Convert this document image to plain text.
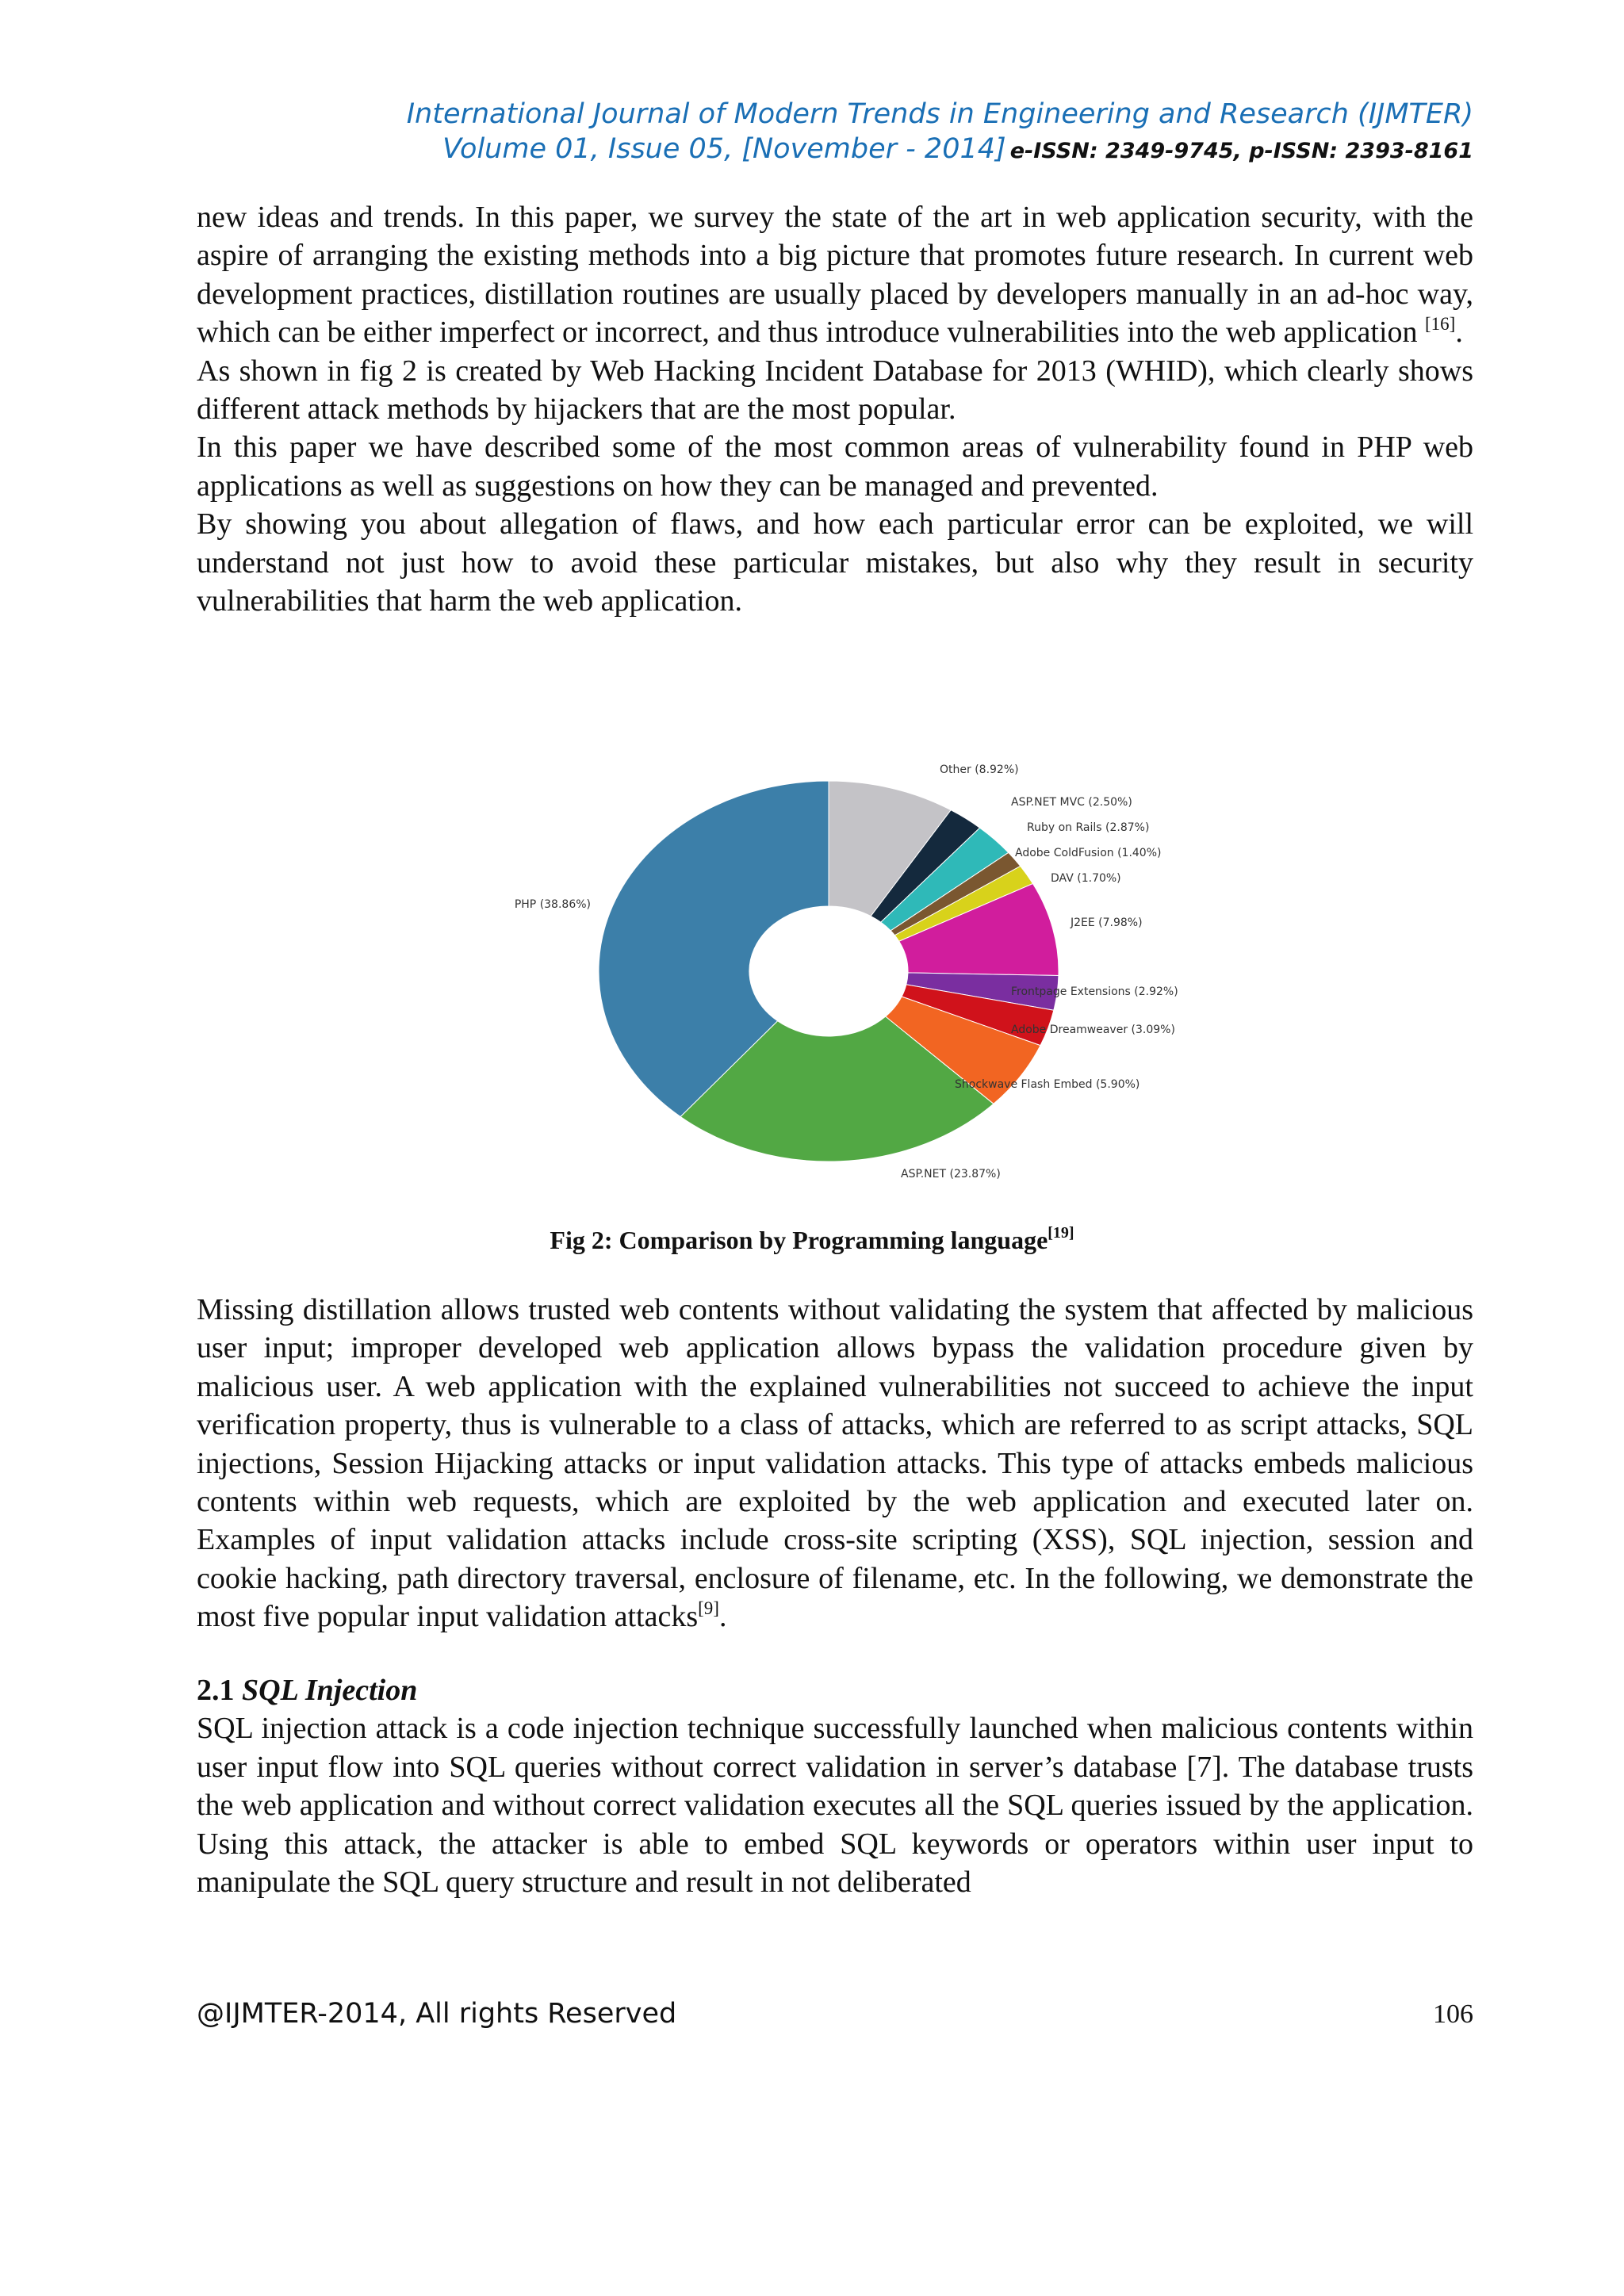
International Journal of Modern Trends in Engineering and Research (IJMTER)
Volume 01, Issue 05, [November - 2014] e-ISSN: 2349-9745, p-ISSN: 2393-8161

new ideas and trends. In this paper, we survey the state of the art in web application security, with the aspire of arranging the existing methods into a big picture that promotes future research. In current web development practices, distillation routines are usually placed by developers manually in an ad-hoc way, which can be either imperfect or incorrect, and thus introduce vulnerabilities into the web application [16].

As shown in fig 2 is created by Web Hacking Incident Database for 2013 (WHID), which clearly shows different attack methods by hijackers that are the most popular.

In this paper we have described some of the most common areas of vulnerability found in PHP web applications as well as suggestions on how they can be managed and prevented.

By showing you about allegation of flaws, and how each particular error can be exploited, we will understand not just how to avoid these particular mistakes, but also why they result in security vulnerabilities that harm the web application.

Other (8.92%)
ASP.NET MVC (2.50%)
Ruby on Rails (2.87%)
Adobe ColdFusion (1.40%)
DAV (1.70%)
J2EE (7.98%)
Frontpage Extensions (2.92%)
Adobe Dreamweaver (3.09%)
Shockwave Flash Embed (5.90%)
ASP.NET (23.87%)
PHP (38.86%)
Fig 2: Comparison by Programming language[19]

Missing distillation allows trusted web contents without validating the system that affected by malicious user input; improper developed web application allows bypass the validation procedure given by malicious user. A web application with the explained vulnerabilities not succeed to achieve the input verification property, thus is vulnerable to a class of attacks, which are referred to as script attacks, SQL injections, Session Hijacking attacks or input validation attacks. This type of attacks embeds malicious contents within web requests, which are exploited by the web application and executed later on. Examples of input validation attacks include cross-site scripting (XSS), SQL injection, session and cookie hacking, path directory traversal, enclosure of filename, etc. In the following, we demonstrate the most five popular input validation attacks[9].

2.1 SQL Injection

SQL injection attack is a code injection technique successfully launched when malicious contents within user input flow into SQL queries without correct validation in server’s database [7]. The database trusts the web application and without correct validation executes all the SQL queries issued by the application. Using this attack, the attacker is able to embed SQL keywords or operators within user input to manipulate the SQL query structure and result in not deliberated

@IJMTER-2014, All rights Reserved	106
